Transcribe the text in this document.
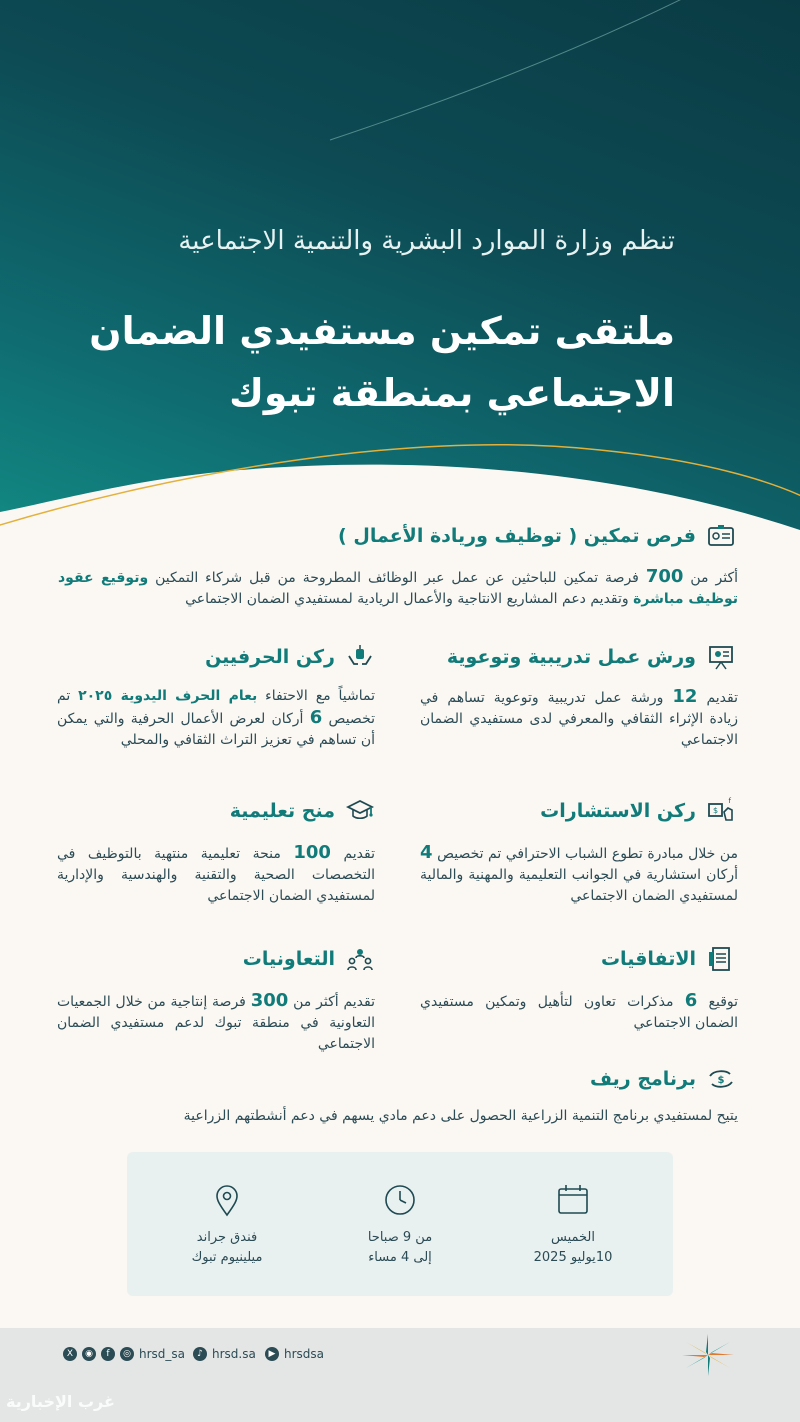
تنظم وزارة الموارد البشرية والتنمية الاجتماعية
ملتقى تمكين مستفيدي الضمان
الاجتماعي بمنطقة تبوك
فرص تمكين ( توظيف وريادة الأعمال )
أكثر من 700 فرصة تمكين للباحثين عن عمل عبر الوظائف المطروحة من قبل شركاء التمكين وتوقيع عقود توظيف مباشرة وتقديم دعم المشاريع الانتاجية والأعمال الريادية لمستفيدي الضمان الاجتماعي
ورش عمل تدريبية وتوعوية
تقديم 12 ورشة عمل تدريبية وتوعوية تساهم في زيادة الإثراء الثقافي والمعرفي لدى مستفيدي الضمان الاجتماعي
ركن الحرفيين
تماشياً مع الاحتفاء بعام الحرف اليدوية ٢٠٢٥ تم تخصيص 6 أركان لعرض الأعمال الحرفية والتي يمكن أن تساهم في تعزيز التراث الثقافي والمحلي
$
f
ركن الاستشارات
من خلال مبادرة تطوع الشباب الاحترافي تم تخصيص 4 أركان استشارية في الجوانب التعليمية والمهنية والمالية لمستفيدي الضمان الاجتماعي
منح تعليمية
تقديم 100 منحة تعليمية منتهية بالتوظيف في التخصصات الصحية والتقنية والهندسية والإدارية لمستفيدي الضمان الاجتماعي
الاتفاقيات
توقيع 6 مذكرات تعاون لتأهيل وتمكين مستفيدي الضمان الاجتماعي
التعاونيات
تقديم أكثر من 300 فرصة إنتاجية من خلال الجمعيات التعاونية في منطقة تبوك لدعم مستفيدي الضمان الاجتماعي
$
برنامج ريف
يتيح لمستفيدي برنامج التنمية الزراعية الحصول على دعم مادي يسهم في دعم أنشطتهم الزراعية
الخميس
10يوليو 2025
من 9 صباحا
إلى 4 مساء
فندق جراند
ميلينيوم تبوك
▶ hrsdsa
♪ hrsd.sa
X	◉	f	◎ hrsd_sa
غرب الإخبارية
